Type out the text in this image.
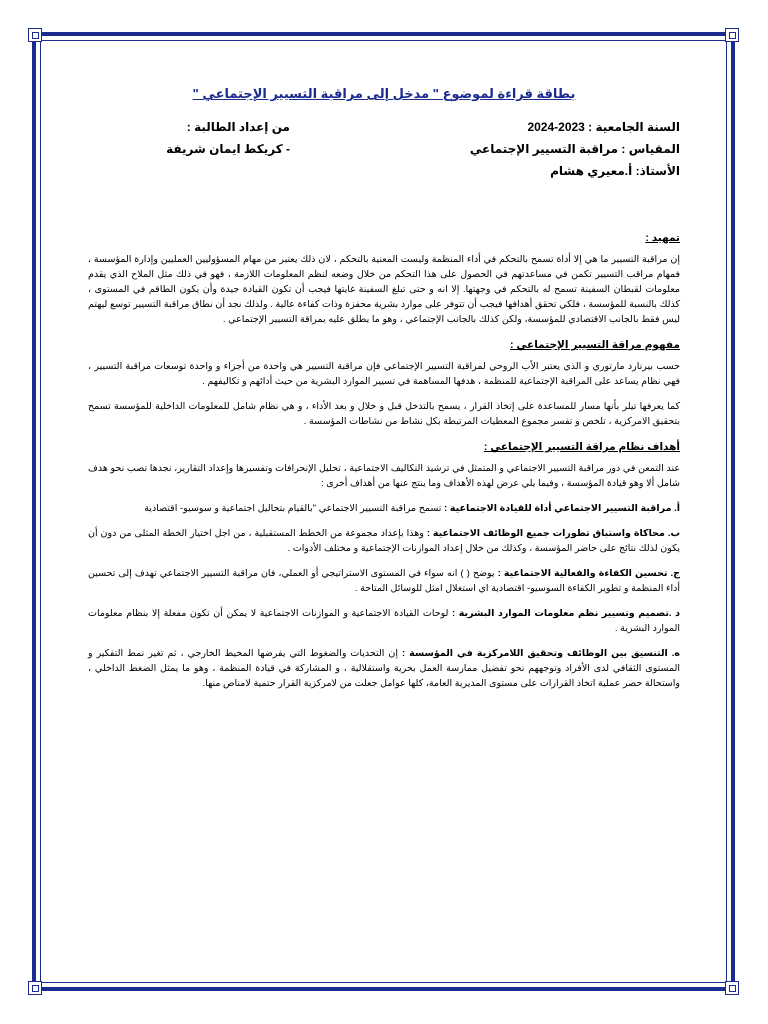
بطاقة قراءة لموضوع " مدخل إلى مراقبة التسيير الإجتماعي "
السنة الجامعية : 2023-2024
من إعداد الطالبة :
المقياس : مراقبة التسيير الإجتماعي
- كريكط ايمان شريفة
الأستاذ: أ.معيري هشام
تمهيد :

إن مراقبة التسيير ما هي إلا أداة تسمح بالتحكم في أداء المنظمة وليست المعنية بالتحكم ، لان ذلك يعتبر من مهام المسؤوليين العمليين وإدارة المؤسسة ، فمهام مراقب التسيير تكمن في مساعدتهم في الحصول على هذا التحكم من خلال وضعه لنظم المعلومات اللازمة ، فهو في ذلك مثل الملاح الذي يقدم معلومات لقبطان السفينة تسمح له بالتحكم في وجهتها. إلا انه و حتى تبلغ السفينة غايتها فيجب أن تكون القيادة جيدة وأن يكون الطاقم في المستوى ، كذلك بالنسبة للمؤسسة ، فلكي تحقق أهدافها فيجب أن تتوفر على موارد بشرية محفزة وذات كفاءة عالية . ولذلك نجد أن نطاق مراقبة التسيير توسع ليهتم ليس فقط بالجانب الاقتصادي للمؤسسة، ولكن كذلك بالجانب الإجتماعي ، وهو ما يطلق عليه بمراقة التسيير الإجتماعي .

مفهوم مراقة التسيير الإجتماعي :

حسب بيرنارد مارتوري و الذي يعتبر الأب الروحي لمراقبة التسيير الإجتماعي فإن مراقبة التسيير هي واحدة من أجزاء و واحدة توسعات مراقبة التسيير ، فهي نظام يساعد على المراقبة الإجتماعية للمنظمة ، هدفها المساهمة في تسيير الموارد البشرية من حيث أدائهم و تكاليفهم .

كما يعرفها تيلر بأنها مسار للمساعدة على إتخاذ القرار ، يسمح بالتدخل قبل و خلال و بعد الأداء ، و هي نظام شامل للمعلومات الداخلية للمؤسسة تسمح بتحقيق الامركزية ، تلخص و تفسر مجموع المعطيات المرتبطة بكل نشاط من نشاطات المؤسسة .

أهداف نظام مراقة التسيير الإجتماعي :

عند التمعن في دور مراقبة التسيير الاجتماعي و المتمثل في ترشيد التكاليف الاجتماعية ، تحليل الإنحرافات وتفسيرها وإعداد التقارير، نجدها تصب نحو هدف شامل ألا وهو قيادة المؤسسة ، وفيما يلي عرض لهذه الأهداف وما ينتج عنها من أهداف أخرى :

أ. مراقبة التسيير الاجتماعي أداة للقيادة الاجتماعية : تسمح مراقبة التسيير الاجتماعي "بالقيام بتحاليل اجتماعية و سوسيو- اقتصادية

ب. محاكاة واستباق تطورات جميع الوظائف الاجتماعية : وهذا بإعداد مجموعة من الخطط المستقبلية ، من اجل اختيار الخطة المثلى من دون أن يكون لذلك نتائج على حاضر المؤسسة ، وكذلك من خلال إعداد الموازنات الإجتماعية و مختلف الأدوات .

ج. تحسين الكفاءة والفعالية الاجتماعية : يوضح ( ) انه سواء في المستوى الاستراتيجي أو العملي، فان مراقبة التسيير الاجتماعي تهدف إلى تحسين أداء المنظمة و تطوير الكفاءة السوسيو- اقتصادية اي استغلال امثل للوسائل المتاحة .

د .تصميم وتسيير نظم معلومات الموارد البشرية : لوحات القيادة الاجتماعية و الموازنات الاجتماعية لا يمكن أن تكون مفعلة إلا بنظام معلومات الموارد البشرية .

ه. التنسيق بين الوظائف وتحقيق اللامركزية في المؤسسة : إن التحديات والضغوط التي يفرضها المحيط الخارجي ، ثم تغير نمط التفكير و المستوى الثقافي لدى الأفراد وتوجههم نحو تفضيل ممارسة العمل بحرية واستقلالية ، و المشاركة في قيادة المنظمة ، وهو ما يمثل الضغط الداخلي ، واستحالة حصر عملية اتخاذ القرارات على مستوى المديرية العامة، كلها عوامل جعلت من لامركزية القرار حتمية لامناص منها.
